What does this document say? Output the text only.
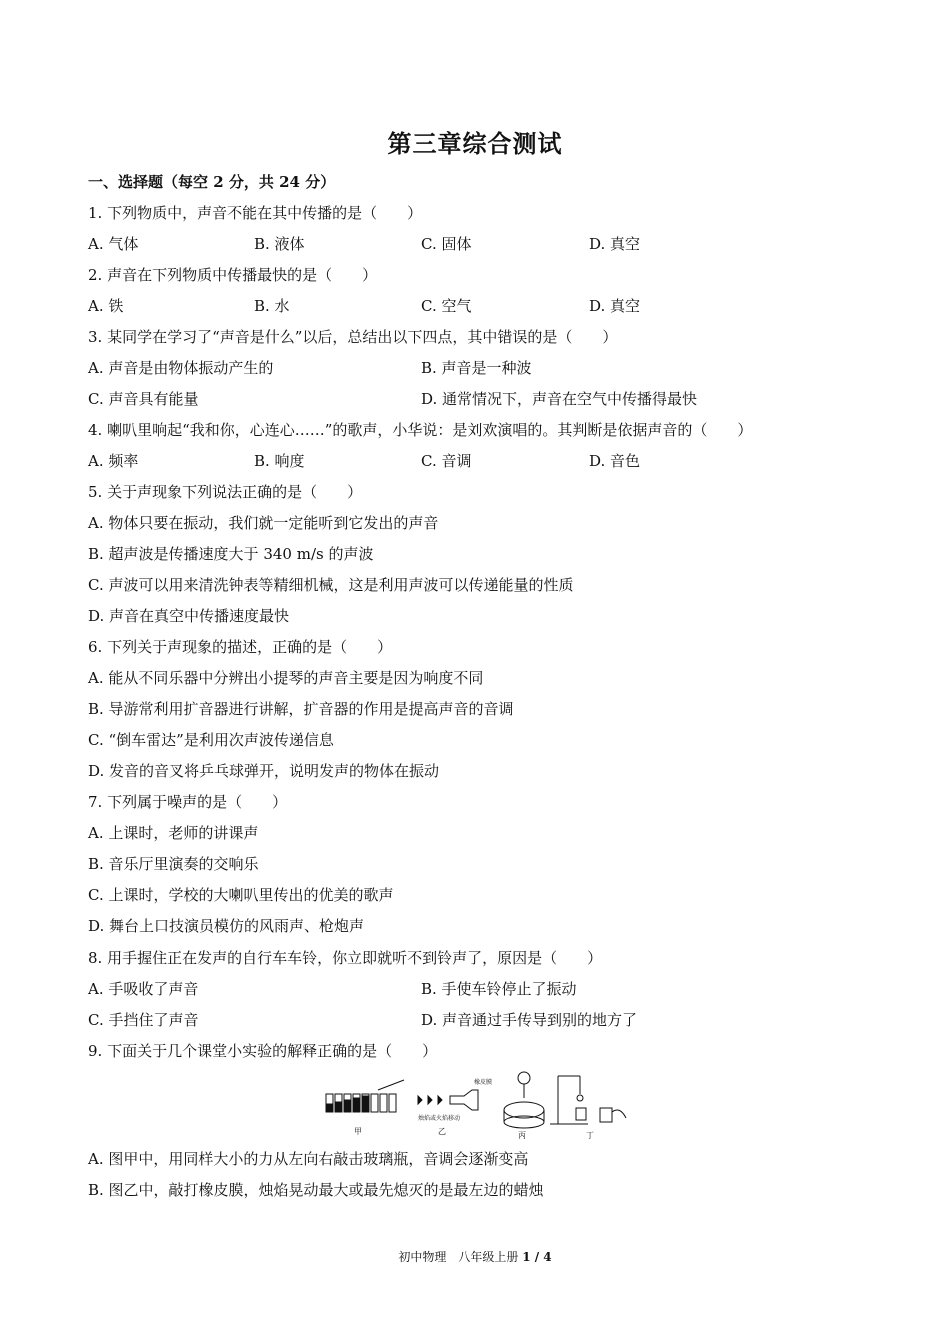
第三章综合测试
一、选择题（每空 2 分，共 24 分）
1. 下列物质中，声音不能在其中传播的是（　　）
A. 气体	B. 液体	C. 固体	D. 真空
2. 声音在下列物质中传播最快的是（　　）
A. 铁	B. 水	C. 空气	D. 真空
3. 某同学在学习了“声音是什么”以后，总结出以下四点，其中错误的是（　　）
A. 声音是由物体振动产生的	B. 声音是一种波
C. 声音具有能量	D. 通常情况下，声音在空气中传播得最快
4. 喇叭里响起“我和你，心连心……”的歌声，小华说：是刘欢演唱的。其判断是依据声音的（　　）
A. 频率	B. 响度	C. 音调	D. 音色
5. 关于声现象下列说法正确的是（　　）
A. 物体只要在振动，我们就一定能听到它发出的声音
B. 超声波是传播速度大于 340 m/s 的声波
C. 声波可以用来清洗钟表等精细机械，这是利用声波可以传递能量的性质
D. 声音在真空中传播速度最快
6. 下列关于声现象的描述，正确的是（　　）
A. 能从不同乐器中分辨出小提琴的声音主要是因为响度不同
B. 导游常利用扩音器进行讲解，扩音器的作用是提高声音的音调
C. “倒车雷达”是利用次声波传递信息
D. 发音的音叉将乒乓球弹开，说明发声的物体在振动
7. 下列属于噪声的是（　　）
A. 上课时，老师的讲课声
B. 音乐厅里演奏的交响乐
C. 上课时，学校的大喇叭里传出的优美的歌声
D. 舞台上口技演员模仿的风雨声、枪炮声
8. 用手握住正在发声的自行车车铃，你立即就听不到铃声了，原因是（　　）
A. 手吸收了声音	B. 手使车铃停止了振动
C. 手挡住了声音	D. 声音通过手传导到别的地方了
9. 下面关于几个课堂小实验的解释正确的是（　　）
甲	乙	丙	丁
橡皮膜
烛焰或火焰移动
A. 图甲中，用同样大小的力从左向右敲击玻璃瓶，音调会逐渐变高
B. 图乙中，敲打橡皮膜，烛焰晃动最大或最先熄灭的是最左边的蜡烛
初中物理　八年级上册 1 / 4
